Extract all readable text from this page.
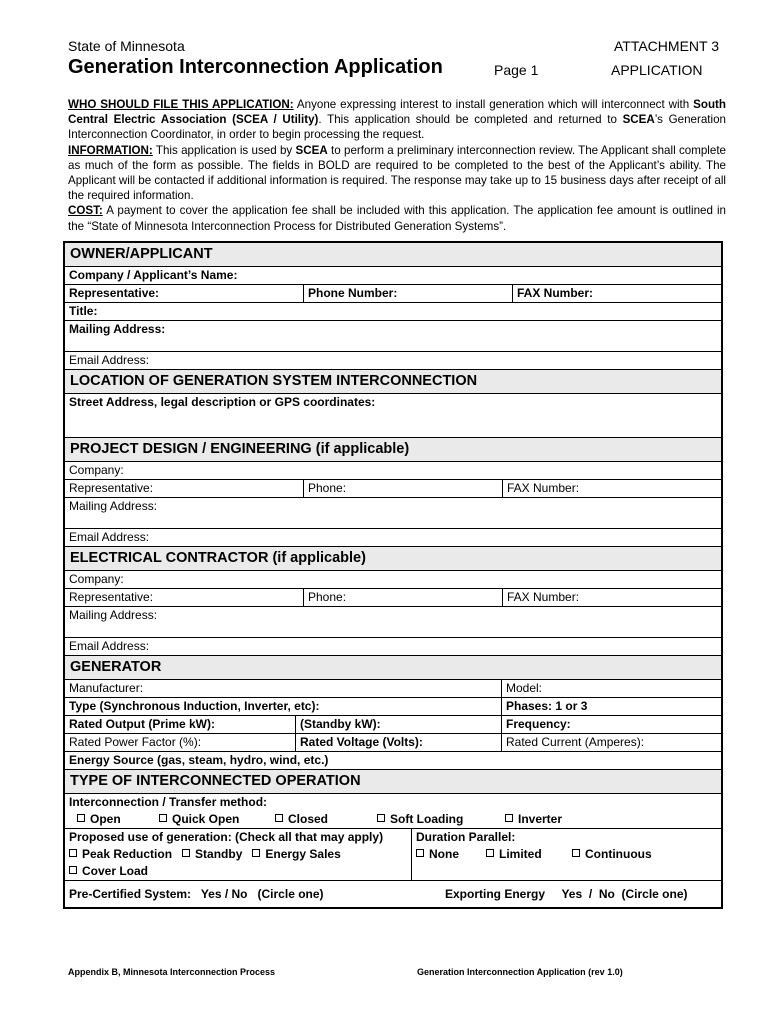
State of Minnesota
Generation Interconnection Application	Page 1
ATTACHMENT 3
APPLICATION

WHO SHOULD FILE THIS APPLICATION: Anyone expressing interest to install generation which will interconnect with South Central Electric Association (SCEA / Utility). This application should be completed and returned to SCEA’s Generation Interconnection Coordinator, in order to begin processing the request.

INFORMATION: This application is used by SCEA to perform a preliminary interconnection review. The Applicant shall complete as much of the form as possible. The fields in BOLD are required to be completed to the best of the Applicant’s ability. The Applicant will be contacted if additional information is required. The response may take up to 15 business days after receipt of all the required information.

COST: A payment to cover the application fee shall be included with this application. The application fee amount is outlined in the “State of Minnesota Interconnection Process for Distributed Generation Systems”.

OWNER/APPLICANT
Company / Applicant’s Name:
Representative:	Phone Number:	FAX Number:
Title:
Mailing Address:
Email Address:
LOCATION OF GENERATION SYSTEM INTERCONNECTION
Street Address, legal description or GPS coordinates:
PROJECT DESIGN / ENGINEERING (if applicable)
Company:
Representative:	Phone:	FAX Number:
Mailing Address:
Email Address:
ELECTRICAL CONTRACTOR (if applicable)
Company:
Representative:	Phone:	FAX Number:
Mailing Address:
Email Address:
GENERATOR
Manufacturer:	Model:
Type (Synchronous Induction, Inverter, etc):	Phases: 1 or 3
Rated Output (Prime kW):	(Standby kW):	Frequency:
Rated Power Factor (%):	Rated Voltage (Volts):	Rated Current (Amperes):
Energy Source (gas, steam, hydro, wind, etc.)
TYPE OF INTERCONNECTED OPERATION
Interconnection / Transfer method:
Open	Quick Open	Closed	Soft Loading	Inverter
Proposed use of generation: (Check all that may apply)
Peak Reduction	Standby	Energy Sales
Cover Load
Duration Parallel:
None	Limited	Continuous
Pre-Certified System:   Yes / No   (Circle one)	Exporting Energy     Yes  /  No  (Circle one)
Appendix B, Minnesota Interconnection Process	Generation Interconnection Application (rev 1.0)
